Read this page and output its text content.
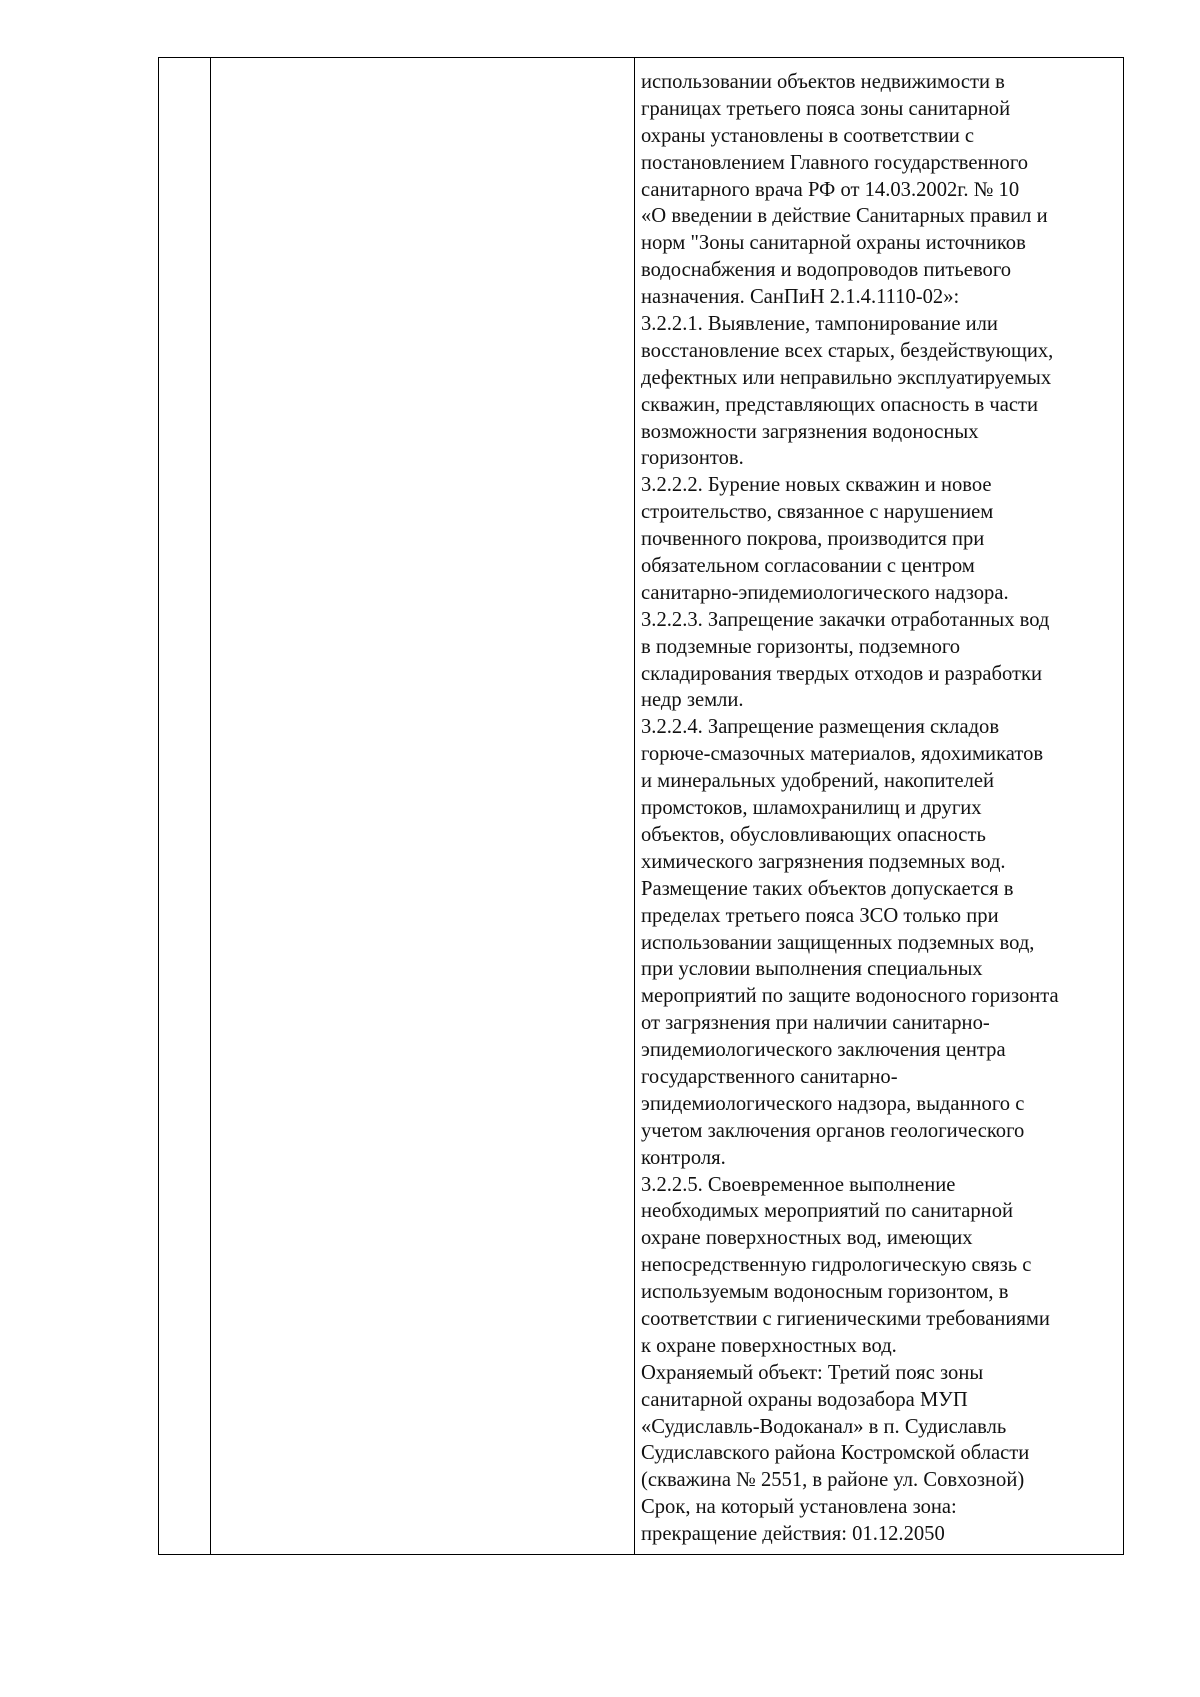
использовании объектов недвижимости в
границах третьего пояса зоны санитарной
охраны установлены в соответствии с
постановлением Главного государственного
санитарного врача РФ от 14.03.2002г. № 10
«О введении в действие Санитарных правил и
норм "Зоны санитарной охраны источников
водоснабжения и водопроводов питьевого
назначения. СанПиН 2.1.4.1110-02»:
3.2.2.1. Выявление, тампонирование или
восстановление всех старых, бездействующих,
дефектных или неправильно эксплуатируемых
скважин, представляющих опасность в части
возможности загрязнения водоносных
горизонтов.
3.2.2.2. Бурение новых скважин и новое
строительство, связанное с нарушением
почвенного покрова, производится при
обязательном согласовании с центром
санитарно-эпидемиологического надзора.
3.2.2.3. Запрещение закачки отработанных вод
в подземные горизонты, подземного
складирования твердых отходов и разработки
недр земли.
3.2.2.4. Запрещение размещения складов
горюче-смазочных материалов, ядохимикатов
и минеральных удобрений, накопителей
промстоков, шламохранилищ и других
объектов, обусловливающих опасность
химического загрязнения подземных вод.
Размещение таких объектов допускается в
пределах третьего пояса ЗСО только при
использовании защищенных подземных вод,
при условии выполнения специальных
мероприятий по защите водоносного горизонта
от загрязнения при наличии санитарно-
эпидемиологического заключения центра
государственного санитарно-
эпидемиологического надзора, выданного с
учетом заключения органов геологического
контроля.
3.2.2.5. Своевременное выполнение
необходимых мероприятий по санитарной
охране поверхностных вод, имеющих
непосредственную гидрологическую связь с
используемым водоносным горизонтом, в
соответствии с гигиеническими требованиями
к охране поверхностных вод.
Охраняемый объект: Третий пояс зоны
санитарной охраны водозабора МУП
«Судиславль-Водоканал» в п. Судиславль
Судиславского района Костромской области
(скважина № 2551, в районе ул. Совхозной)
Срок, на который установлена зона:
прекращение действия: 01.12.2050
